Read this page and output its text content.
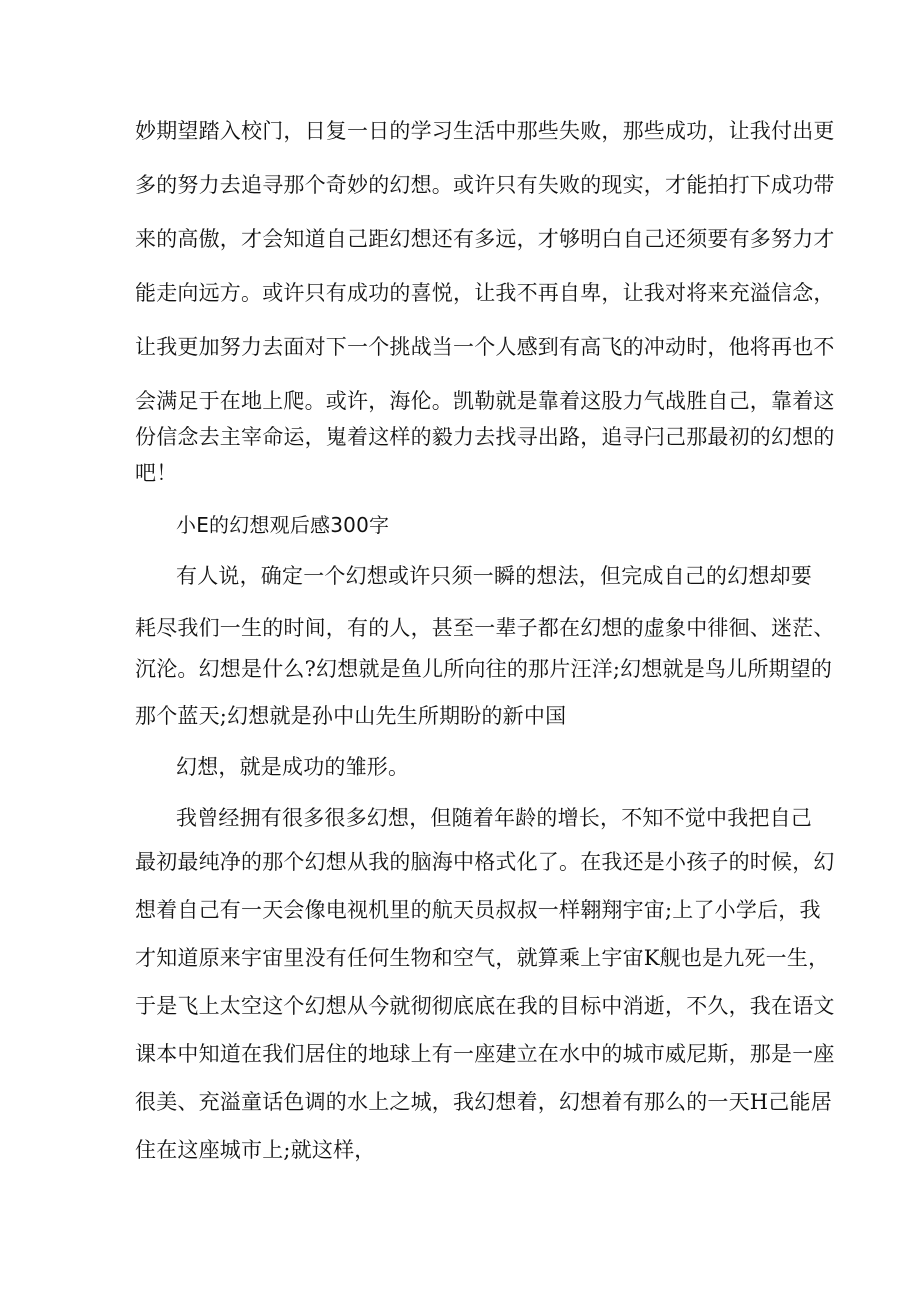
妙期望踏入校门，日复一日的学习生活中那些失败，那些成功，让我付出更
多的努力去追寻那个奇妙的幻想。或许只有失败的现实，才能拍打下成功带
来的高傲，才会知道自己距幻想还有多远，才够明白自己还须要有多努力才
能走向远方。或许只有成功的喜悦，让我不再自卑，让我对将来充溢信念，
让我更加努力去面对下一个挑战当一个人感到有高飞的冲动时，他将再也不
会满足于在地上爬。或许，海伦。凯勒就是靠着这股力气战胜自己，靠着这
份信念去主宰命运，嵬着这样的毅力去找寻出路，追寻闩己那最初的幻想的
吧！
小E的幻想观后感300字
有人说，确定一个幻想或许只须一瞬的想法，但完成自己的幻想却要
耗尽我们一生的时间，有的人，甚至一辈子都在幻想的虚象中徘徊、迷茫、
沉沦。幻想是什么?幻想就是鱼儿所向往的那片汪洋;幻想就是鸟儿所期望的
那个蓝天;幻想就是孙中山先生所期盼的新中国
幻想，就是成功的雏形。
我曾经拥有很多很多幻想，但随着年龄的增长，不知不觉中我把自己
最初最纯净的那个幻想从我的脑海中格式化了。在我还是小孩子的时候，幻
想着自己有一天会像电视机里的航天员叔叔一样翱翔宇宙;上了小学后，我
才知道原来宇宙里没有任何生物和空气，就算乘上宇宙K舰也是九死一生，
于是飞上太空这个幻想从今就彻彻底底在我的目标中消逝，不久，我在语文
课本中知道在我们居住的地球上有一座建立在水中的城市威尼斯，那是一座
很美、充溢童话色调的水上之城，我幻想着，幻想着有那么的一天H己能居
住在这座城市上;就这样，
